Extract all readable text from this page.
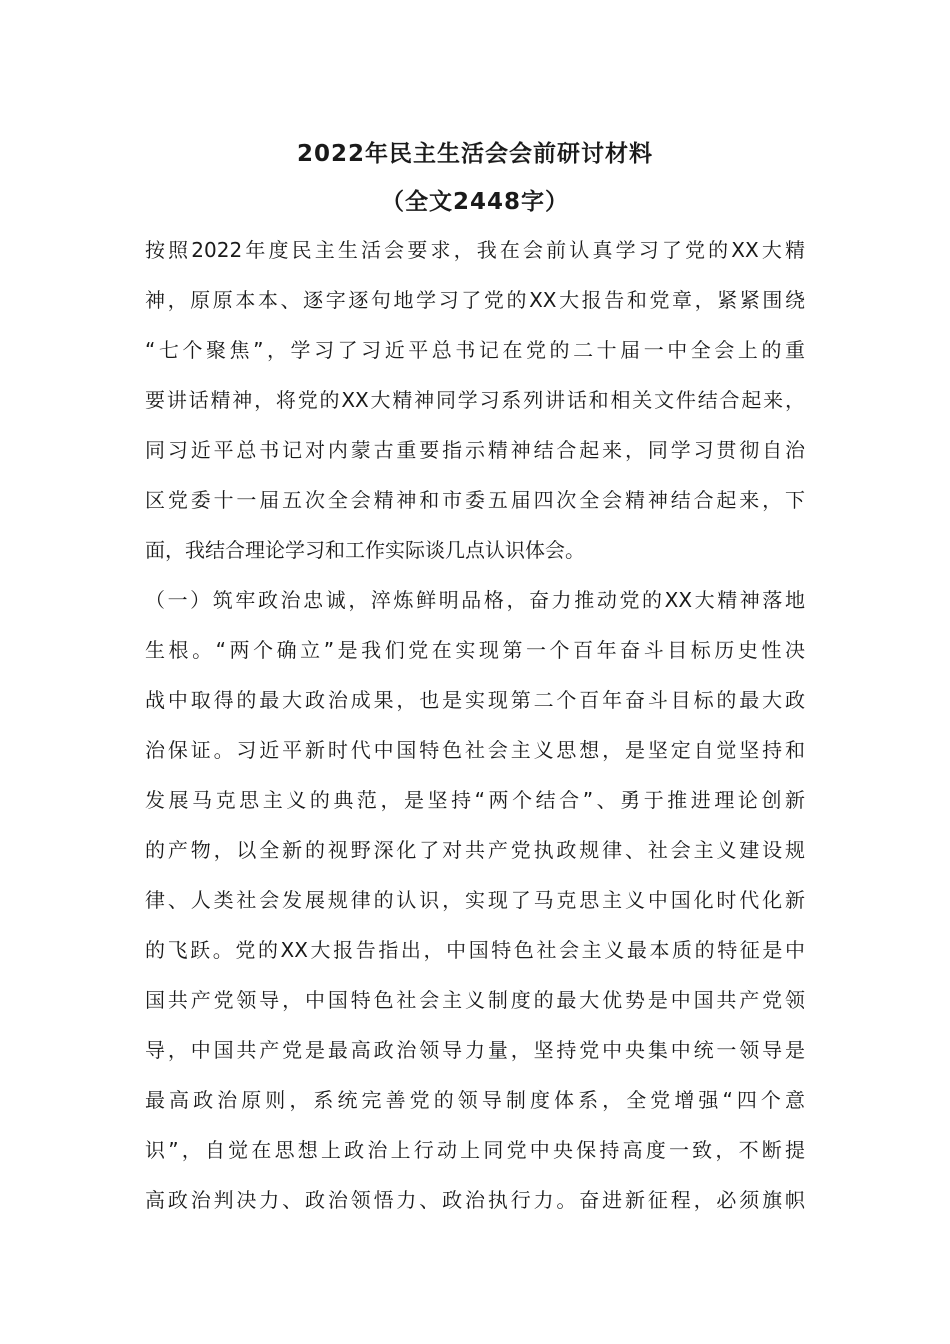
2022年民主生活会会前研讨材料
（全文2448字）
按照2022年度民主生活会要求，我在会前认真学习了党的XX大精
神，原原本本、逐字逐句地学习了党的XX大报告和党章，紧紧围绕
“七个聚焦”，学习了习近平总书记在党的二十届一中全会上的重
要讲话精神，将党的XX大精神同学习系列讲话和相关文件结合起来，
同习近平总书记对内蒙古重要指示精神结合起来，同学习贯彻自治
区党委十一届五次全会精神和市委五届四次全会精神结合起来，下
面，我结合理论学习和工作实际谈几点认识体会。
（一）筑牢政治忠诚，淬炼鲜明品格，奋力推动党的XX大精神落地
生根。“两个确立”是我们党在实现第一个百年奋斗目标历史性决
战中取得的最大政治成果，也是实现第二个百年奋斗目标的最大政
治保证。习近平新时代中国特色社会主义思想，是坚定自觉坚持和
发展马克思主义的典范，是坚持“两个结合”、勇于推进理论创新
的产物，以全新的视野深化了对共产党执政规律、社会主义建设规
律、人类社会发展规律的认识，实现了马克思主义中国化时代化新
的飞跃。党的XX大报告指出，中国特色社会主义最本质的特征是中
国共产党领导，中国特色社会主义制度的最大优势是中国共产党领
导，中国共产党是最高政治领导力量，坚持党中央集中统一领导是
最高政治原则，系统完善党的领导制度体系，全党增强“四个意
识”，自觉在思想上政治上行动上同党中央保持高度一致，不断提
高政治判决力、政治领悟力、政治执行力。奋进新征程，必须旗帜
